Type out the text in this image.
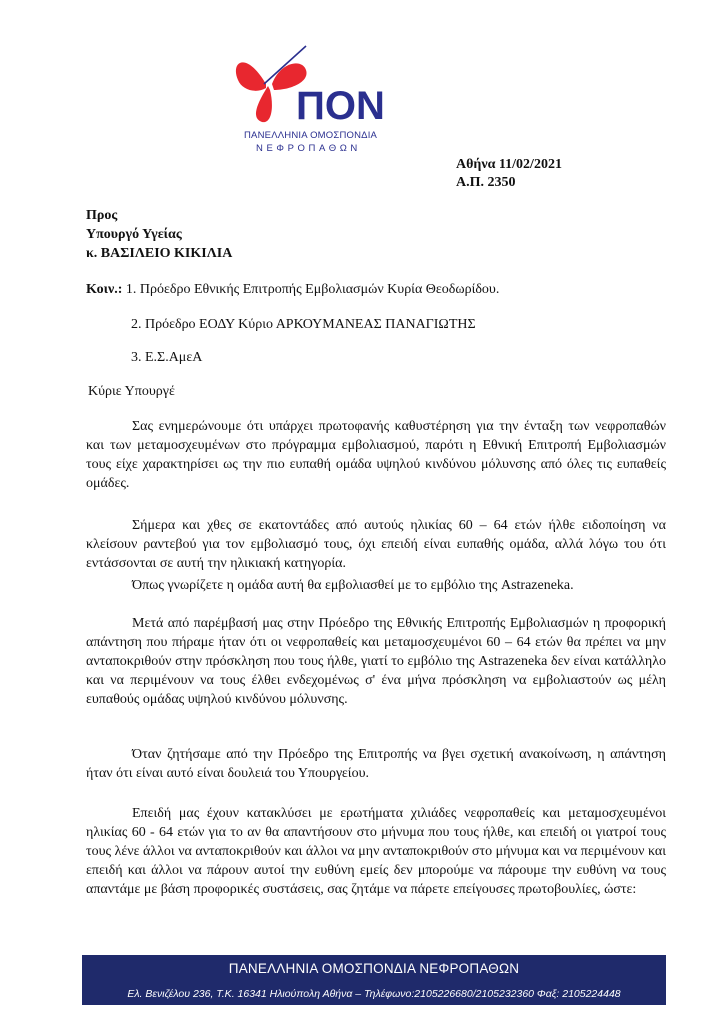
ΠΟΝ
ΠΑΝΕΛΛΗΝΙΑ ΟΜΟΣΠΟΝΔΙΑ
ΝΕΦΡΟΠΑΘΩΝ
Αθήνα 11/02/2021
Α.Π. 2350
Προς
Υπουργό Υγείας
κ. ΒΑΣΙΛΕΙΟ ΚΙΚΙΛΙΑ
Κοιν.: 1. Πρόεδρο Εθνικής Επιτροπής Εμβολιασμών Κυρία Θεοδωρίδου.
2. Πρόεδρο ΕΟΔΥ Κύριο ΑΡΚΟΥΜΑΝΕΑΣ ΠΑΝΑΓΙΩΤΗΣ
3. Ε.Σ.ΑμεΑ
Κύριε Υπουργέ

Σας ενημερώνουμε ότι υπάρχει πρωτοφανής καθυστέρηση για την ένταξη των νεφροπαθών και των μεταμοσχευμένων στο πρόγραμμα εμβολιασμού, παρότι η Εθνική Επιτροπή Εμβολιασμών τους είχε χαρακτηρίσει ως την πιο ευπαθή ομάδα υψηλού κινδύνου μόλυνσης από όλες τις ευπαθείς ομάδες.

Σήμερα και χθες σε εκατοντάδες από αυτούς ηλικίας 60 – 64 ετών ήλθε ειδοποίηση να κλείσουν ραντεβού για τον εμβολιασμό τους, όχι επειδή είναι ευπαθής ομάδα, αλλά λόγω του ότι εντάσσονται σε αυτή την ηλικιακή κατηγορία.

Όπως γνωρίζετε η ομάδα αυτή θα εμβολιασθεί με το εμβόλιο της Astrazeneka.

Μετά από παρέμβασή μας στην Πρόεδρο της Εθνικής Επιτροπής Εμβολιασμών η προφορική απάντηση που πήραμε ήταν ότι οι νεφροπαθείς και μεταμοσχευμένοι 60 – 64 ετών θα πρέπει να μην ανταποκριθούν στην πρόσκληση που τους ήλθε, γιατί το εμβόλιο της Astrazeneka δεν είναι κατάλληλο και να περιμένουν να τους έλθει ενδεχομένως σ' ένα μήνα πρόσκληση να εμβολιαστούν ως μέλη ευπαθούς ομάδας υψηλού κινδύνου μόλυνσης.

Όταν ζητήσαμε από την Πρόεδρο της Επιτροπής να βγει σχετική ανακοίνωση, η απάντηση ήταν ότι είναι αυτό είναι δουλειά του Υπουργείου.

Επειδή μας έχουν κατακλύσει με ερωτήματα χιλιάδες νεφροπαθείς και μεταμοσχευμένοι ηλικίας 60 - 64 ετών για το αν θα απαντήσουν στο μήνυμα που τους ήλθε, και επειδή οι γιατροί τους τους λένε άλλοι να ανταποκριθούν και άλλοι να μην ανταποκριθούν στο μήνυμα και να περιμένουν και επειδή και άλλοι να πάρουν αυτοί την ευθύνη εμείς δεν μπορούμε να πάρουμε την ευθύνη να τους απαντάμε με βάση προφορικές συστάσεις, σας ζητάμε να πάρετε επείγουσες πρωτοβουλίες, ώστε:

ΠΑΝΕΛΛΗΝΙΑ ΟΜΟΣΠΟΝΔΙΑ ΝΕΦΡΟΠΑΘΩΝ
Ελ. Βενιζέλου 236, Τ.Κ. 16341 Ηλιούπολη Αθήνα – Τηλέφωνο:2105226680/2105232360 Φαξ: 2105224448
